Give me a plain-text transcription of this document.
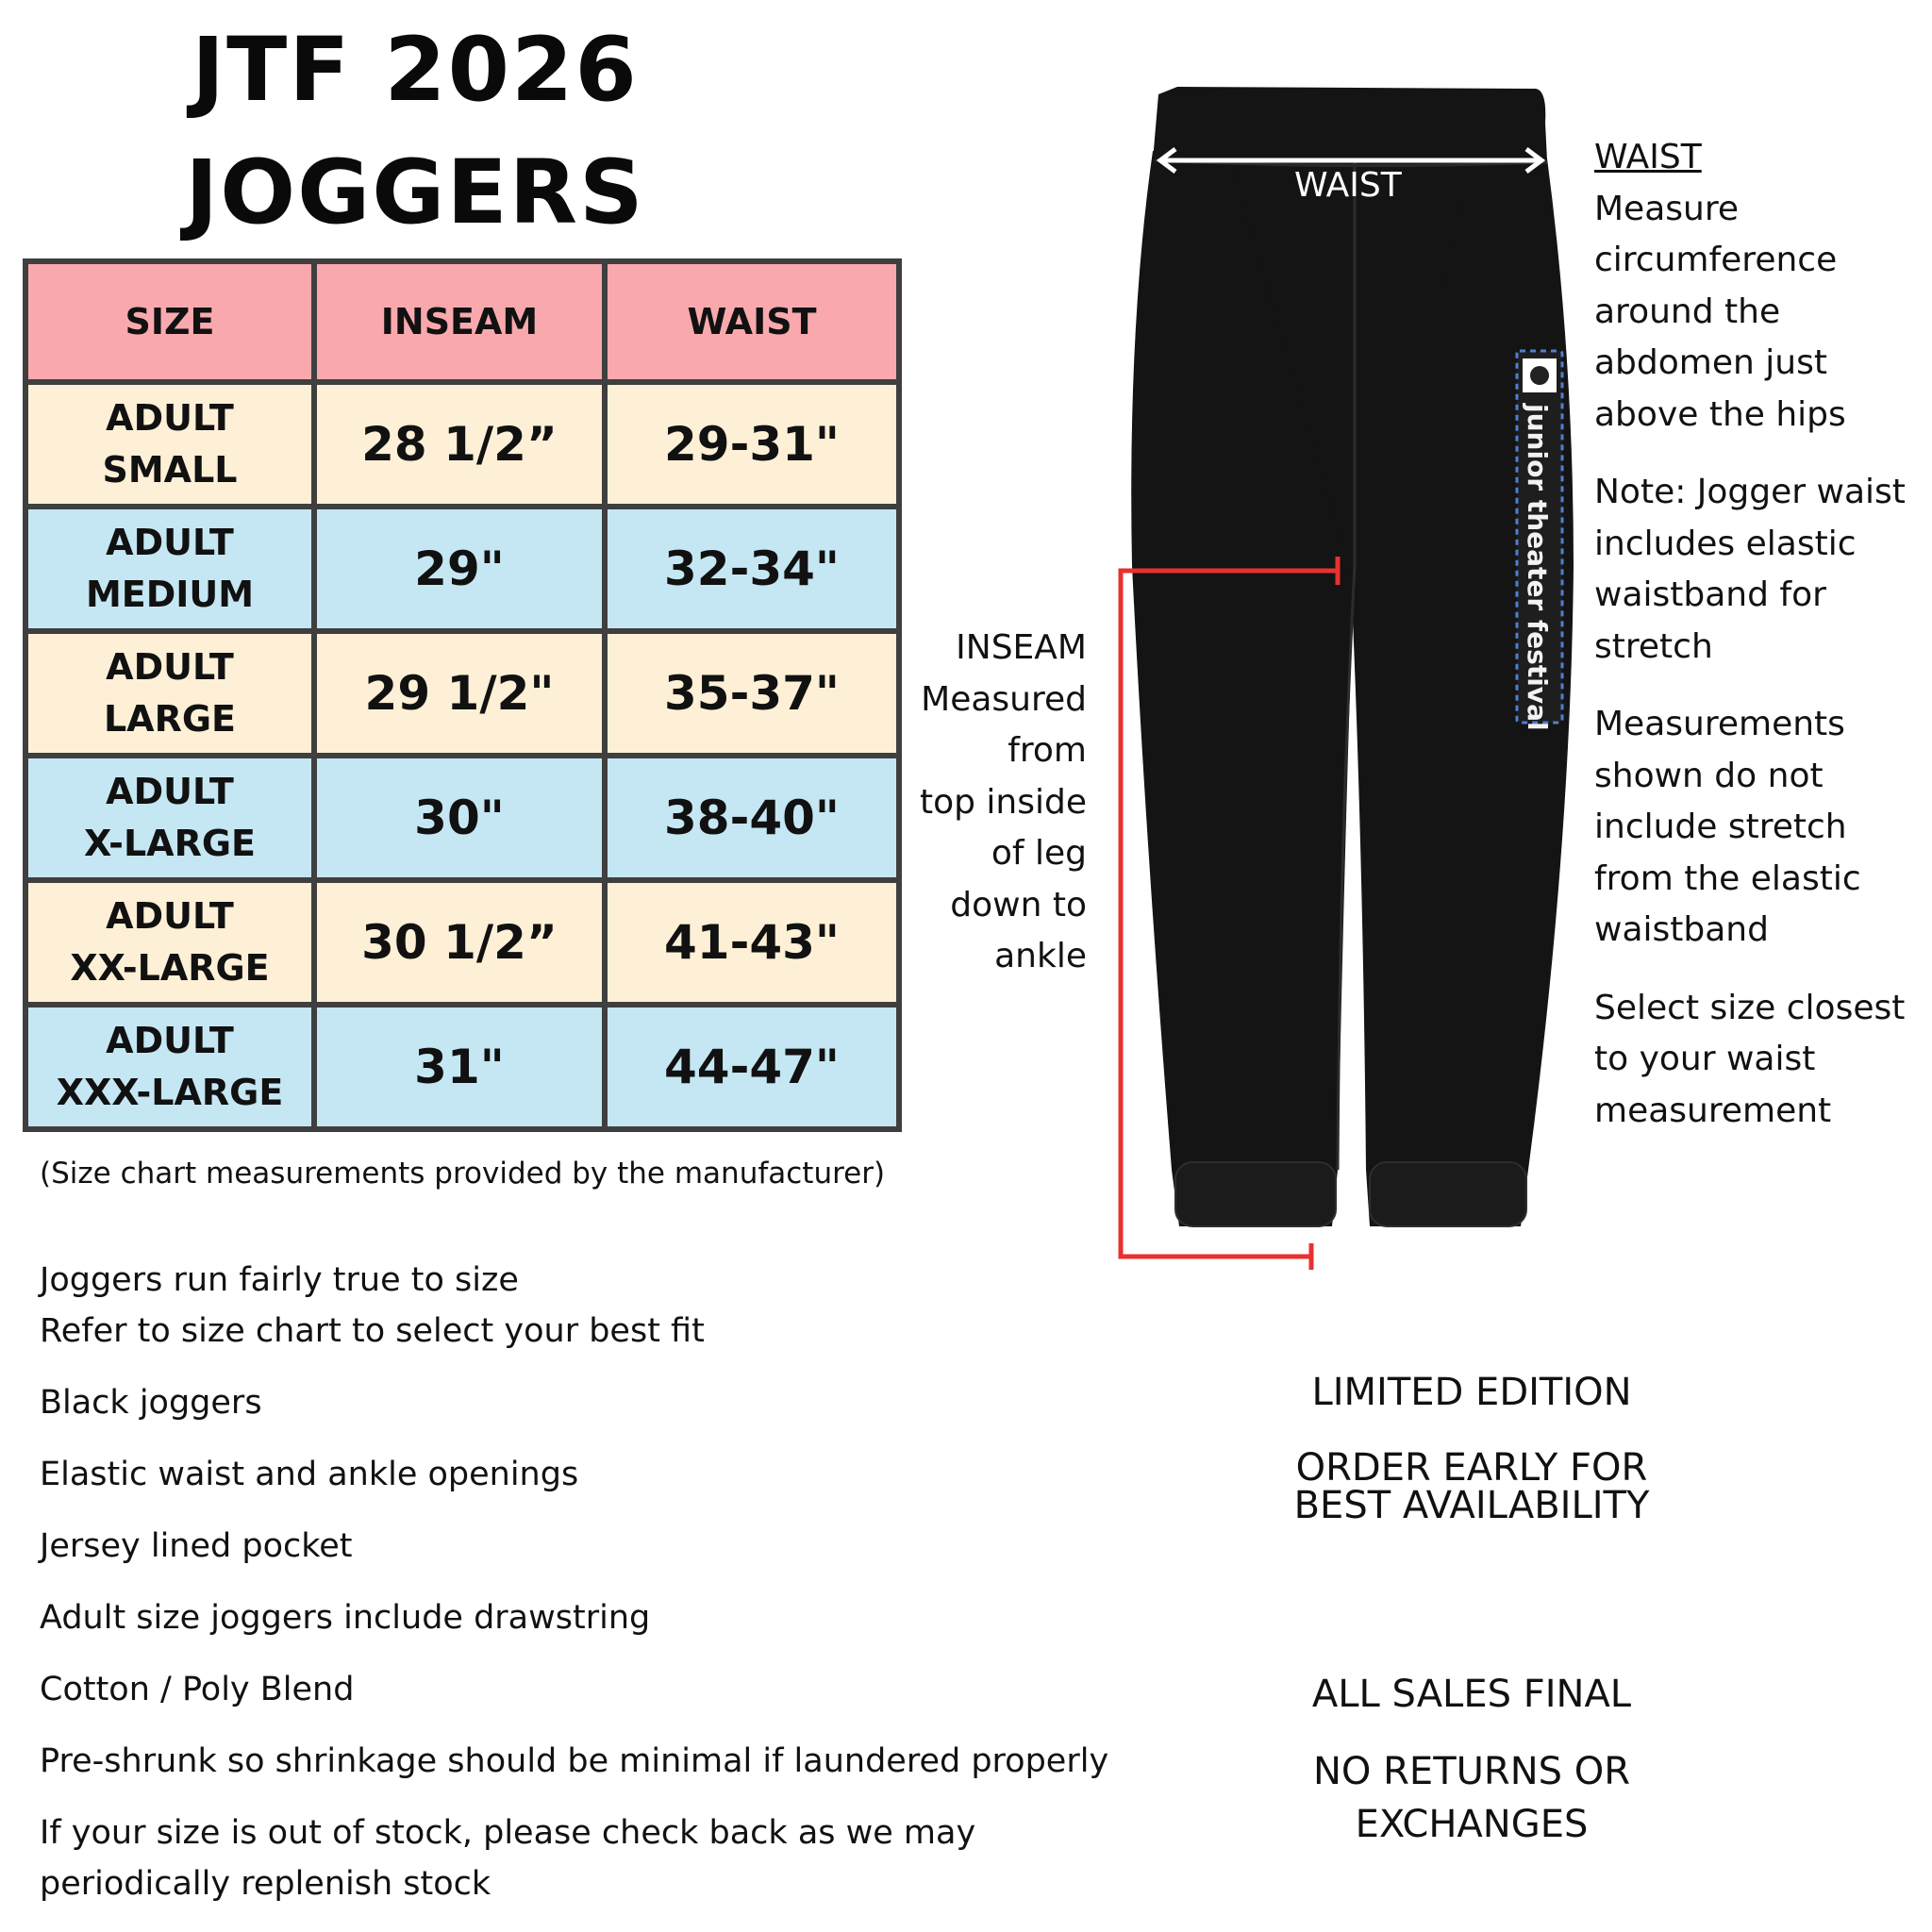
JTF 2026
JOGGERS
SIZE	INSEAM	WAIST
ADULT
SMALL	28 1/2”	29-31"
ADULT
MEDIUM	29"	32-34"
ADULT
LARGE	29 1/2"	35-37"
ADULT
X-LARGE	30"	38-40"
ADULT
XX-LARGE	30 1/2”	41-43"
ADULT
XXX-LARGE	31"	44-47"
(Size chart measurements provided by the manufacturer)
Joggers run fairly true to size
Refer to size chart to select your best fit
Black joggers
Elastic waist and ankle openings
Jersey lined pocket
Adult size joggers include drawstring
Cotton / Poly Blend
Pre-shrunk so shrinkage should be minimal if laundered properly
If your size is out of stock, please check back as we may
periodically replenish stock
WAIST
junior theater festival
INSEAM
Measured
from
top inside
of leg
down to
ankle
WAIST

Measure circumference around the abdomen just above the hips

Note: Jogger waist includes elastic waistband for stretch

Measurements shown do not include stretch from the elastic waistband

Select size closest to your waist measurement

LIMITED EDITION
ORDER EARLY FOR
BEST AVAILABILITY
ALL SALES FINAL
NO RETURNS OR
EXCHANGES
